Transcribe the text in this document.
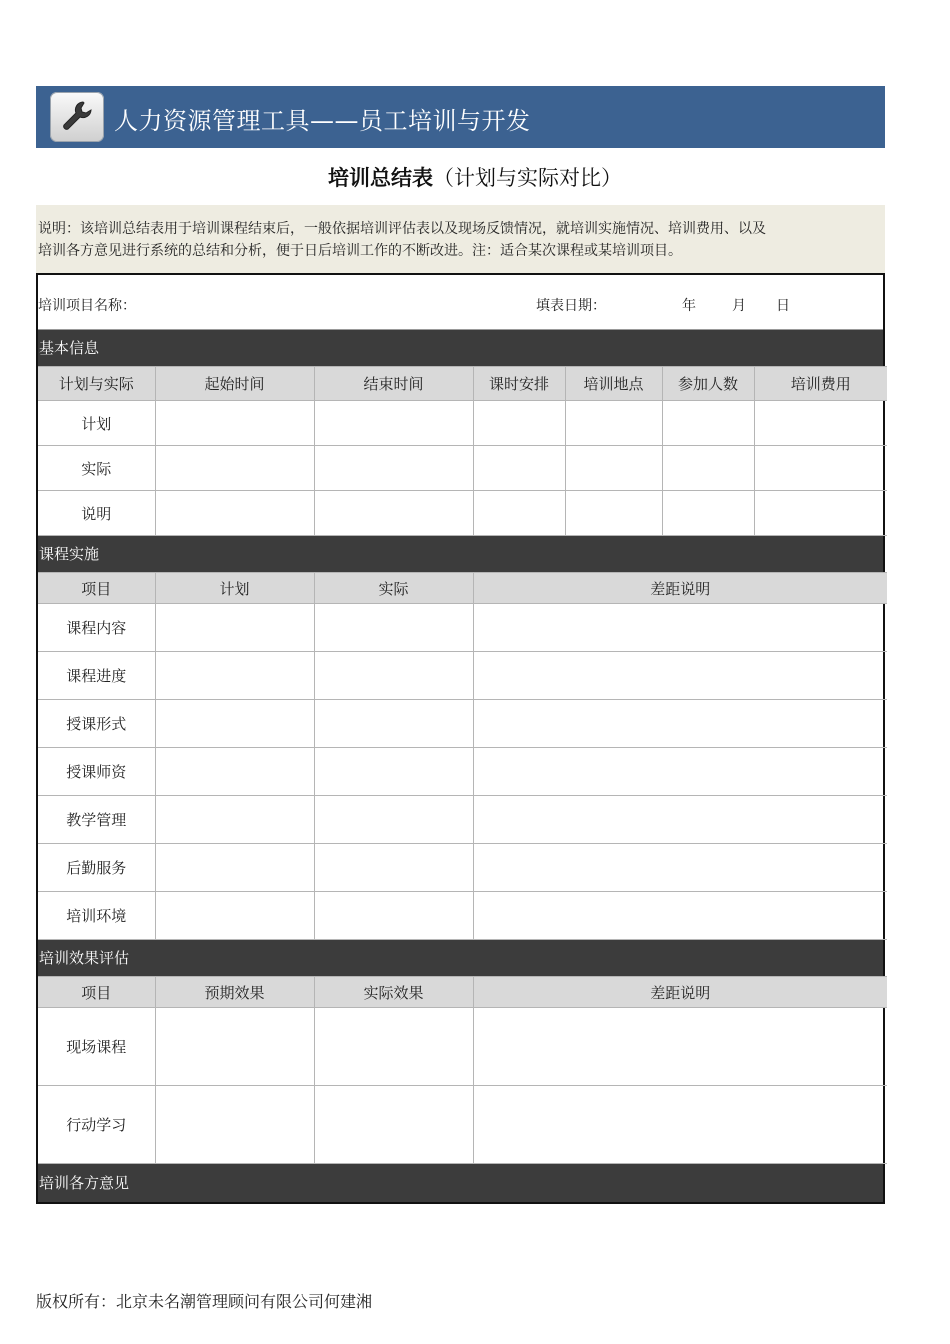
人力资源管理工具——员工培训与开发
培训总结表（计划与实际对比）
说明：该培训总结表用于培训课程结束后，一般依据培训评估表以及现场反馈情况，就培训实施情况、培训费用、以及
培训各方意见进行系统的总结和分析，便于日后培训工作的不断改进。注：适合某次课程或某培训项目。
培训项目名称：	填表日期：	年	月 日
基本信息
计划与实际	起始时间	结束时间	课时安排	培训地点	参加人数	培训费用
计划						
实际						
说明						
课程实施
项目	计划	实际	差距说明
课程内容			
课程进度			
授课形式			
授课师资			
教学管理			
后勤服务			
培训环境			
培训效果评估
项目	预期效果	实际效果	差距说明
现场课程			
行动学习			
培训各方意见
版权所有：北京未名潮管理顾问有限公司何建湘
